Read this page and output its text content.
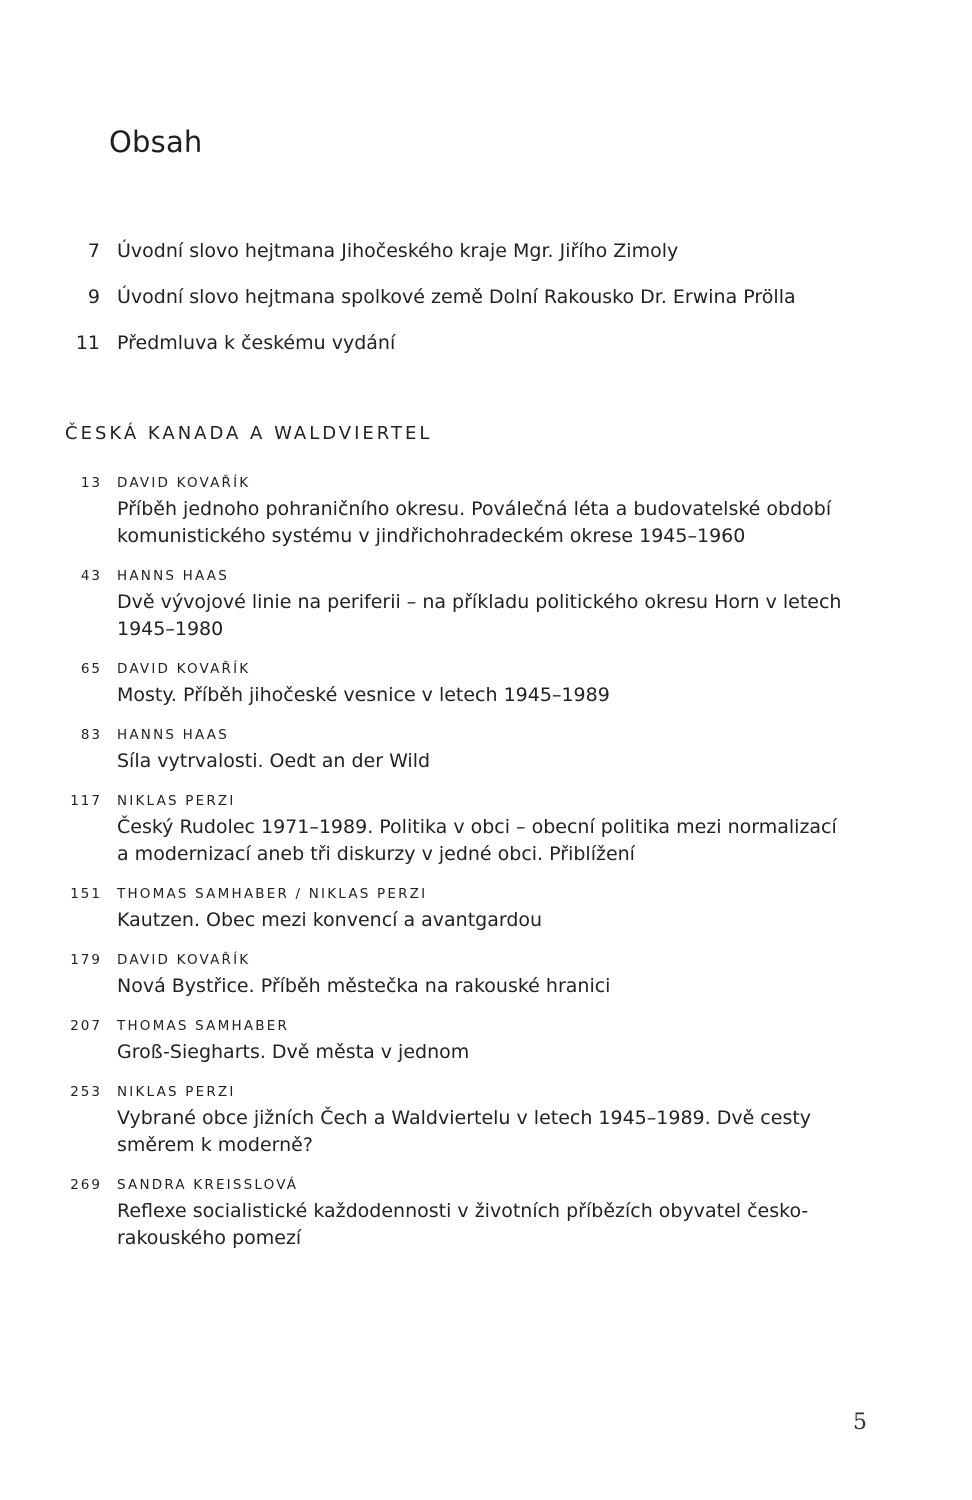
Obsah
7 Úvodní slovo hejtmana Jihočeského kraje Mgr. Jiřího Zimoly
9 Úvodní slovo hejtmana spolkové země Dolní Rakousko Dr. Erwina Prölla
11 Předmluva k českému vydání
ČESKÁ KANADA A WALDVIERTEL
13 DAVID KOVAŘÍK
Příběh jednoho pohraničního okresu. Poválečná léta a budovatelské období komunistického systému v jindřichohradeckém okrese 1945–1960
43 HANNS HAAS
Dvě vývojové linie na periferii – na příkladu politického okresu Horn v letech 1945–1980
65 DAVID KOVAŘÍK
Mosty. Příběh jihočeské vesnice v letech 1945–1989
83 HANNS HAAS
Síla vytrvalosti. Oedt an der Wild
117 NIKLAS PERZI
Český Rudolec 1971–1989. Politika v obci – obecní politika mezi normalizací a modernizací aneb tři diskurzy v jedné obci. Přiblížení
151 THOMAS SAMHABER / NIKLAS PERZI
Kautzen. Obec mezi konvencí a avantgardou
179 DAVID KOVAŘÍK
Nová Bystřice. Příběh městečka na rakouské hranici
207 THOMAS SAMHABER
Groß-Siegharts. Dvě města v jednom
253 NIKLAS PERZI
Vybrané obce jižních Čech a Waldviertelu v letech 1945–1989. Dvě cesty směrem k moderně?
269 SANDRA KREISSLOVÁ
Reflexe socialistické každodennosti v životních příbězích obyvatel česko-rakouského pomezí
5
